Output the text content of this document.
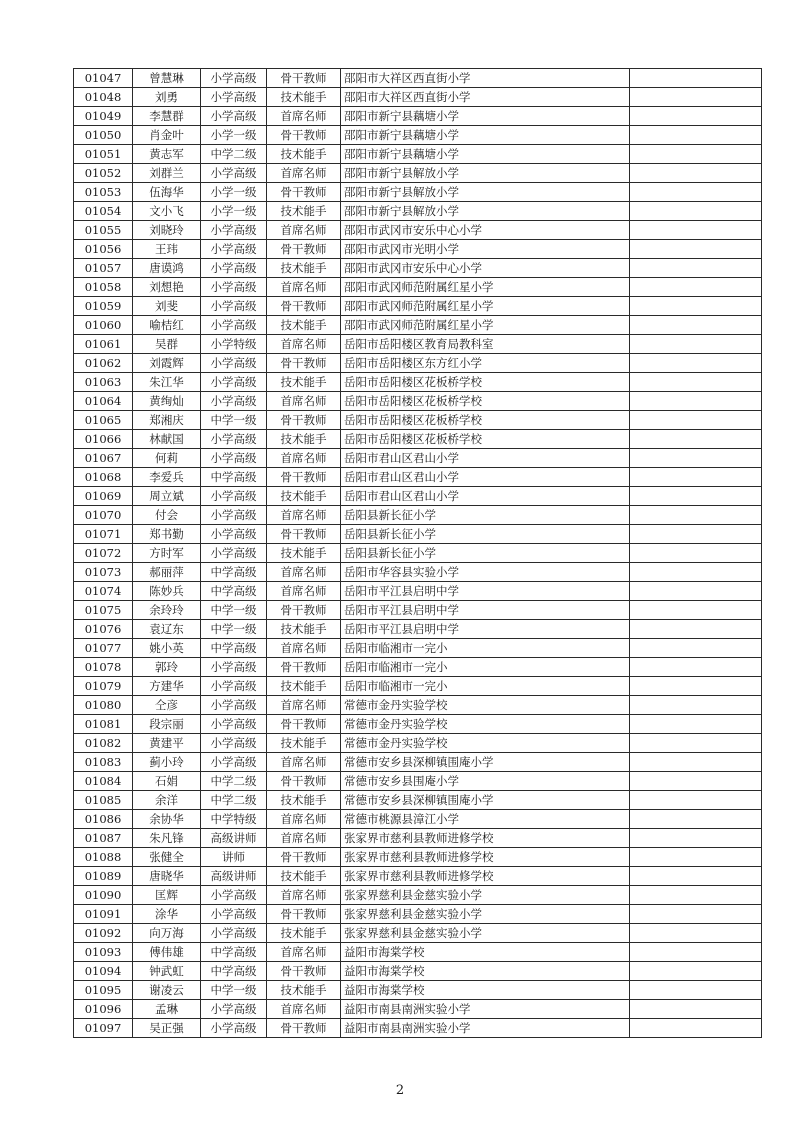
01047	曾慧琳	小学高级	骨干教师	邵阳市大祥区西直街小学	
01048	刘勇	小学高级	技术能手	邵阳市大祥区西直街小学	
01049	李慧群	小学高级	首席名师	邵阳市新宁县藕塘小学	
01050	肖金叶	小学一级	骨干教师	邵阳市新宁县藕塘小学	
01051	黄志军	中学二级	技术能手	邵阳市新宁县藕塘小学	
01052	刘群兰	小学高级	首席名师	邵阳市新宁县解放小学	
01053	伍海华	小学一级	骨干教师	邵阳市新宁县解放小学	
01054	文小飞	小学一级	技术能手	邵阳市新宁县解放小学	
01055	刘晓玲	小学高级	首席名师	邵阳市武冈市安乐中心小学	
01056	王玮	小学高级	骨干教师	邵阳市武冈市光明小学	
01057	唐谟鸿	小学高级	技术能手	邵阳市武冈市安乐中心小学	
01058	刘想艳	小学高级	首席名师	邵阳市武冈师范附属红星小学	
01059	刘斐	小学高级	骨干教师	邵阳市武冈师范附属红星小学	
01060	喻桔红	小学高级	技术能手	邵阳市武冈师范附属红星小学	
01061	吴群	小学特级	首席名师	岳阳市岳阳楼区教育局教科室	
01062	刘霞辉	小学高级	骨干教师	岳阳市岳阳楼区东方红小学	
01063	朱江华	小学高级	技术能手	岳阳市岳阳楼区花板桥学校	
01064	黄绚灿	小学高级	首席名师	岳阳市岳阳楼区花板桥学校	
01065	郑湘庆	中学一级	骨干教师	岳阳市岳阳楼区花板桥学校	
01066	林献国	小学高级	技术能手	岳阳市岳阳楼区花板桥学校	
01067	何莉	小学高级	首席名师	岳阳市君山区君山小学	
01068	李爱兵	中学高级	骨干教师	岳阳市君山区君山小学	
01069	周立斌	小学高级	技术能手	岳阳市君山区君山小学	
01070	付会	小学高级	首席名师	岳阳县新长征小学	
01071	郑书勤	小学高级	骨干教师	岳阳县新长征小学	
01072	方时军	小学高级	技术能手	岳阳县新长征小学	
01073	郝丽萍	中学高级	首席名师	岳阳市华容县实验小学	
01074	陈妙兵	中学高级	首席名师	岳阳市平江县启明中学	
01075	余玲玲	中学一级	骨干教师	岳阳市平江县启明中学	
01076	袁辽东	中学一级	技术能手	岳阳市平江县启明中学	
01077	姚小英	中学高级	首席名师	岳阳市临湘市一完小	
01078	郭玲	小学高级	骨干教师	岳阳市临湘市一完小	
01079	方建华	小学高级	技术能手	岳阳市临湘市一完小	
01080	仝彦	小学高级	首席名师	常德市金丹实验学校	
01081	段宗丽	小学高级	骨干教师	常德市金丹实验学校	
01082	黄建平	小学高级	技术能手	常德市金丹实验学校	
01083	蓟小玲	小学高级	首席名师	常德市安乡县深柳镇围庵小学	
01084	石娟	中学二级	骨干教师	常德市安乡县围庵小学	
01085	余洋	中学二级	技术能手	常德市安乡县深柳镇围庵小学	
01086	余协华	中学特级	首席名师	常德市桃源县漳江小学	
01087	朱凡锋	高级讲师	首席名师	张家界市慈利县教师进修学校	
01088	张健全	讲师	骨干教师	张家界市慈利县教师进修学校	
01089	唐晓华	高级讲师	技术能手	张家界市慈利县教师进修学校	
01090	匡辉	小学高级	首席名师	张家界慈利县金慈实验小学	
01091	涂华	小学高级	骨干教师	张家界慈利县金慈实验小学	
01092	向万海	小学高级	技术能手	张家界慈利县金慈实验小学	
01093	傅伟雄	中学高级	首席名师	益阳市海棠学校	
01094	钟武虹	中学高级	骨干教师	益阳市海棠学校	
01095	谢凌云	中学一级	技术能手	益阳市海棠学校	
01096	孟琳	小学高级	首席名师	益阳市南县南洲实验小学	
01097	吴正强	小学高级	骨干教师	益阳市南县南洲实验小学	
2
